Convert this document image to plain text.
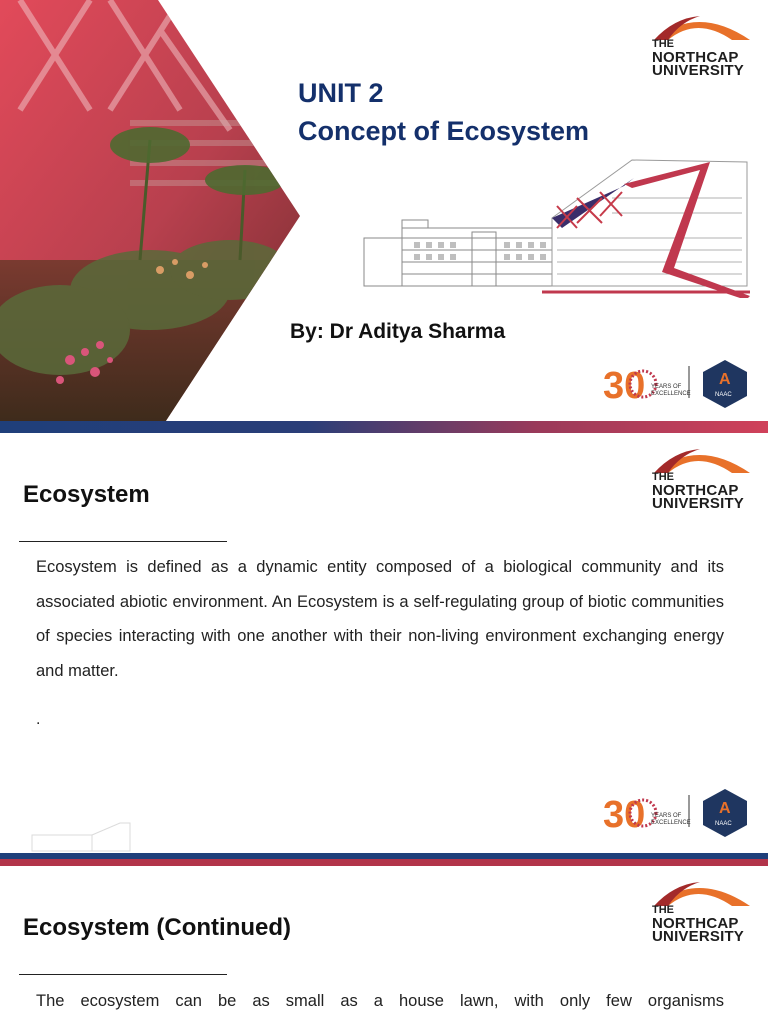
THE
NORTHCAP
UNIVERSITY
UNIT 2
Concept of Ecosystem
By: Dr Aditya Sharma
30 YEARS OF
EXCELLENCE
A
NAAC
THE
NORTHCAP
UNIVERSITY
Ecosystem
Ecosystem is defined as a dynamic entity composed of a biological community and its associated abiotic environment. An Ecosystem is a self-regulating group of biotic communities of species interacting with one another with their non-living environment exchanging energy and matter.
.
30 YEARS OF
EXCELLENCE
A
NAAC
THE
NORTHCAP
UNIVERSITY
Ecosystem (Continued)
The ecosystem can be as small as a house lawn, with only few organisms
